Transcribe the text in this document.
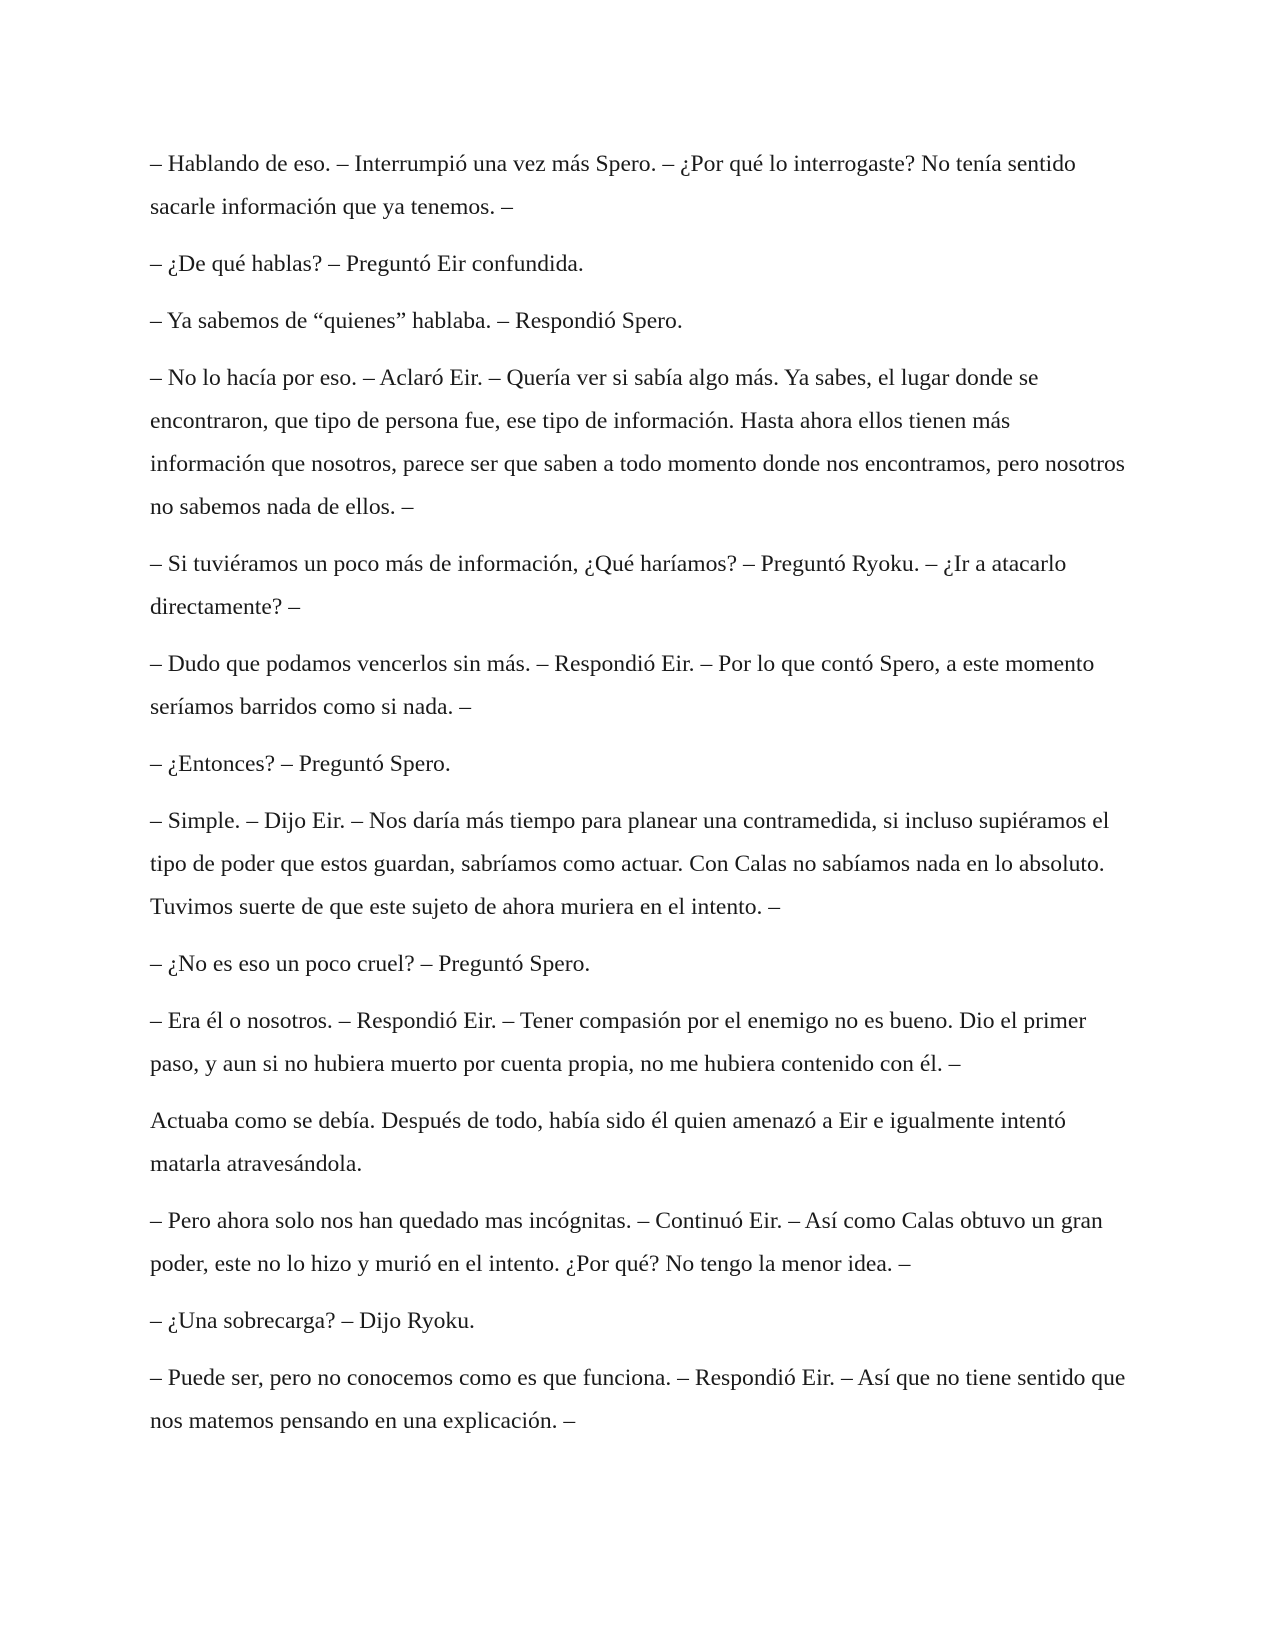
– Hablando de eso. – Interrumpió una vez más Spero. – ¿Por qué lo interrogaste? No tenía sentido sacarle información que ya tenemos. –

– ¿De qué hablas? – Preguntó Eir confundida.

– Ya sabemos de “quienes” hablaba. – Respondió Spero.

– No lo hacía por eso. – Aclaró Eir. – Quería ver si sabía algo más. Ya sabes, el lugar donde se encontraron, que tipo de persona fue, ese tipo de información. Hasta ahora ellos tienen más información que nosotros, parece ser que saben a todo momento donde nos encontramos, pero nosotros no sabemos nada de ellos. –

– Si tuviéramos un poco más de información, ¿Qué haríamos? – Preguntó Ryoku. – ¿Ir a atacarlo directamente? –

– Dudo que podamos vencerlos sin más. – Respondió Eir. – Por lo que contó Spero, a este momento seríamos barridos como si nada. –

– ¿Entonces? – Preguntó Spero.

– Simple. – Dijo Eir. – Nos daría más tiempo para planear una contramedida, si incluso supiéramos el tipo de poder que estos guardan, sabríamos como actuar. Con Calas no sabíamos nada en lo absoluto. Tuvimos suerte de que este sujeto de ahora muriera en el intento. –

– ¿No es eso un poco cruel? – Preguntó Spero.

– Era él o nosotros. – Respondió Eir. – Tener compasión por el enemigo no es bueno. Dio el primer paso, y aun si no hubiera muerto por cuenta propia, no me hubiera contenido con él. –

Actuaba como se debía. Después de todo, había sido él quien amenazó a Eir e igualmente intentó matarla atravesándola.

– Pero ahora solo nos han quedado mas incógnitas. – Continuó Eir. – Así como Calas obtuvo un gran poder, este no lo hizo y murió en el intento. ¿Por qué? No tengo la menor idea. –

– ¿Una sobrecarga? – Dijo Ryoku.

– Puede ser, pero no conocemos como es que funciona. – Respondió Eir. – Así que no tiene sentido que nos matemos pensando en una explicación. –
